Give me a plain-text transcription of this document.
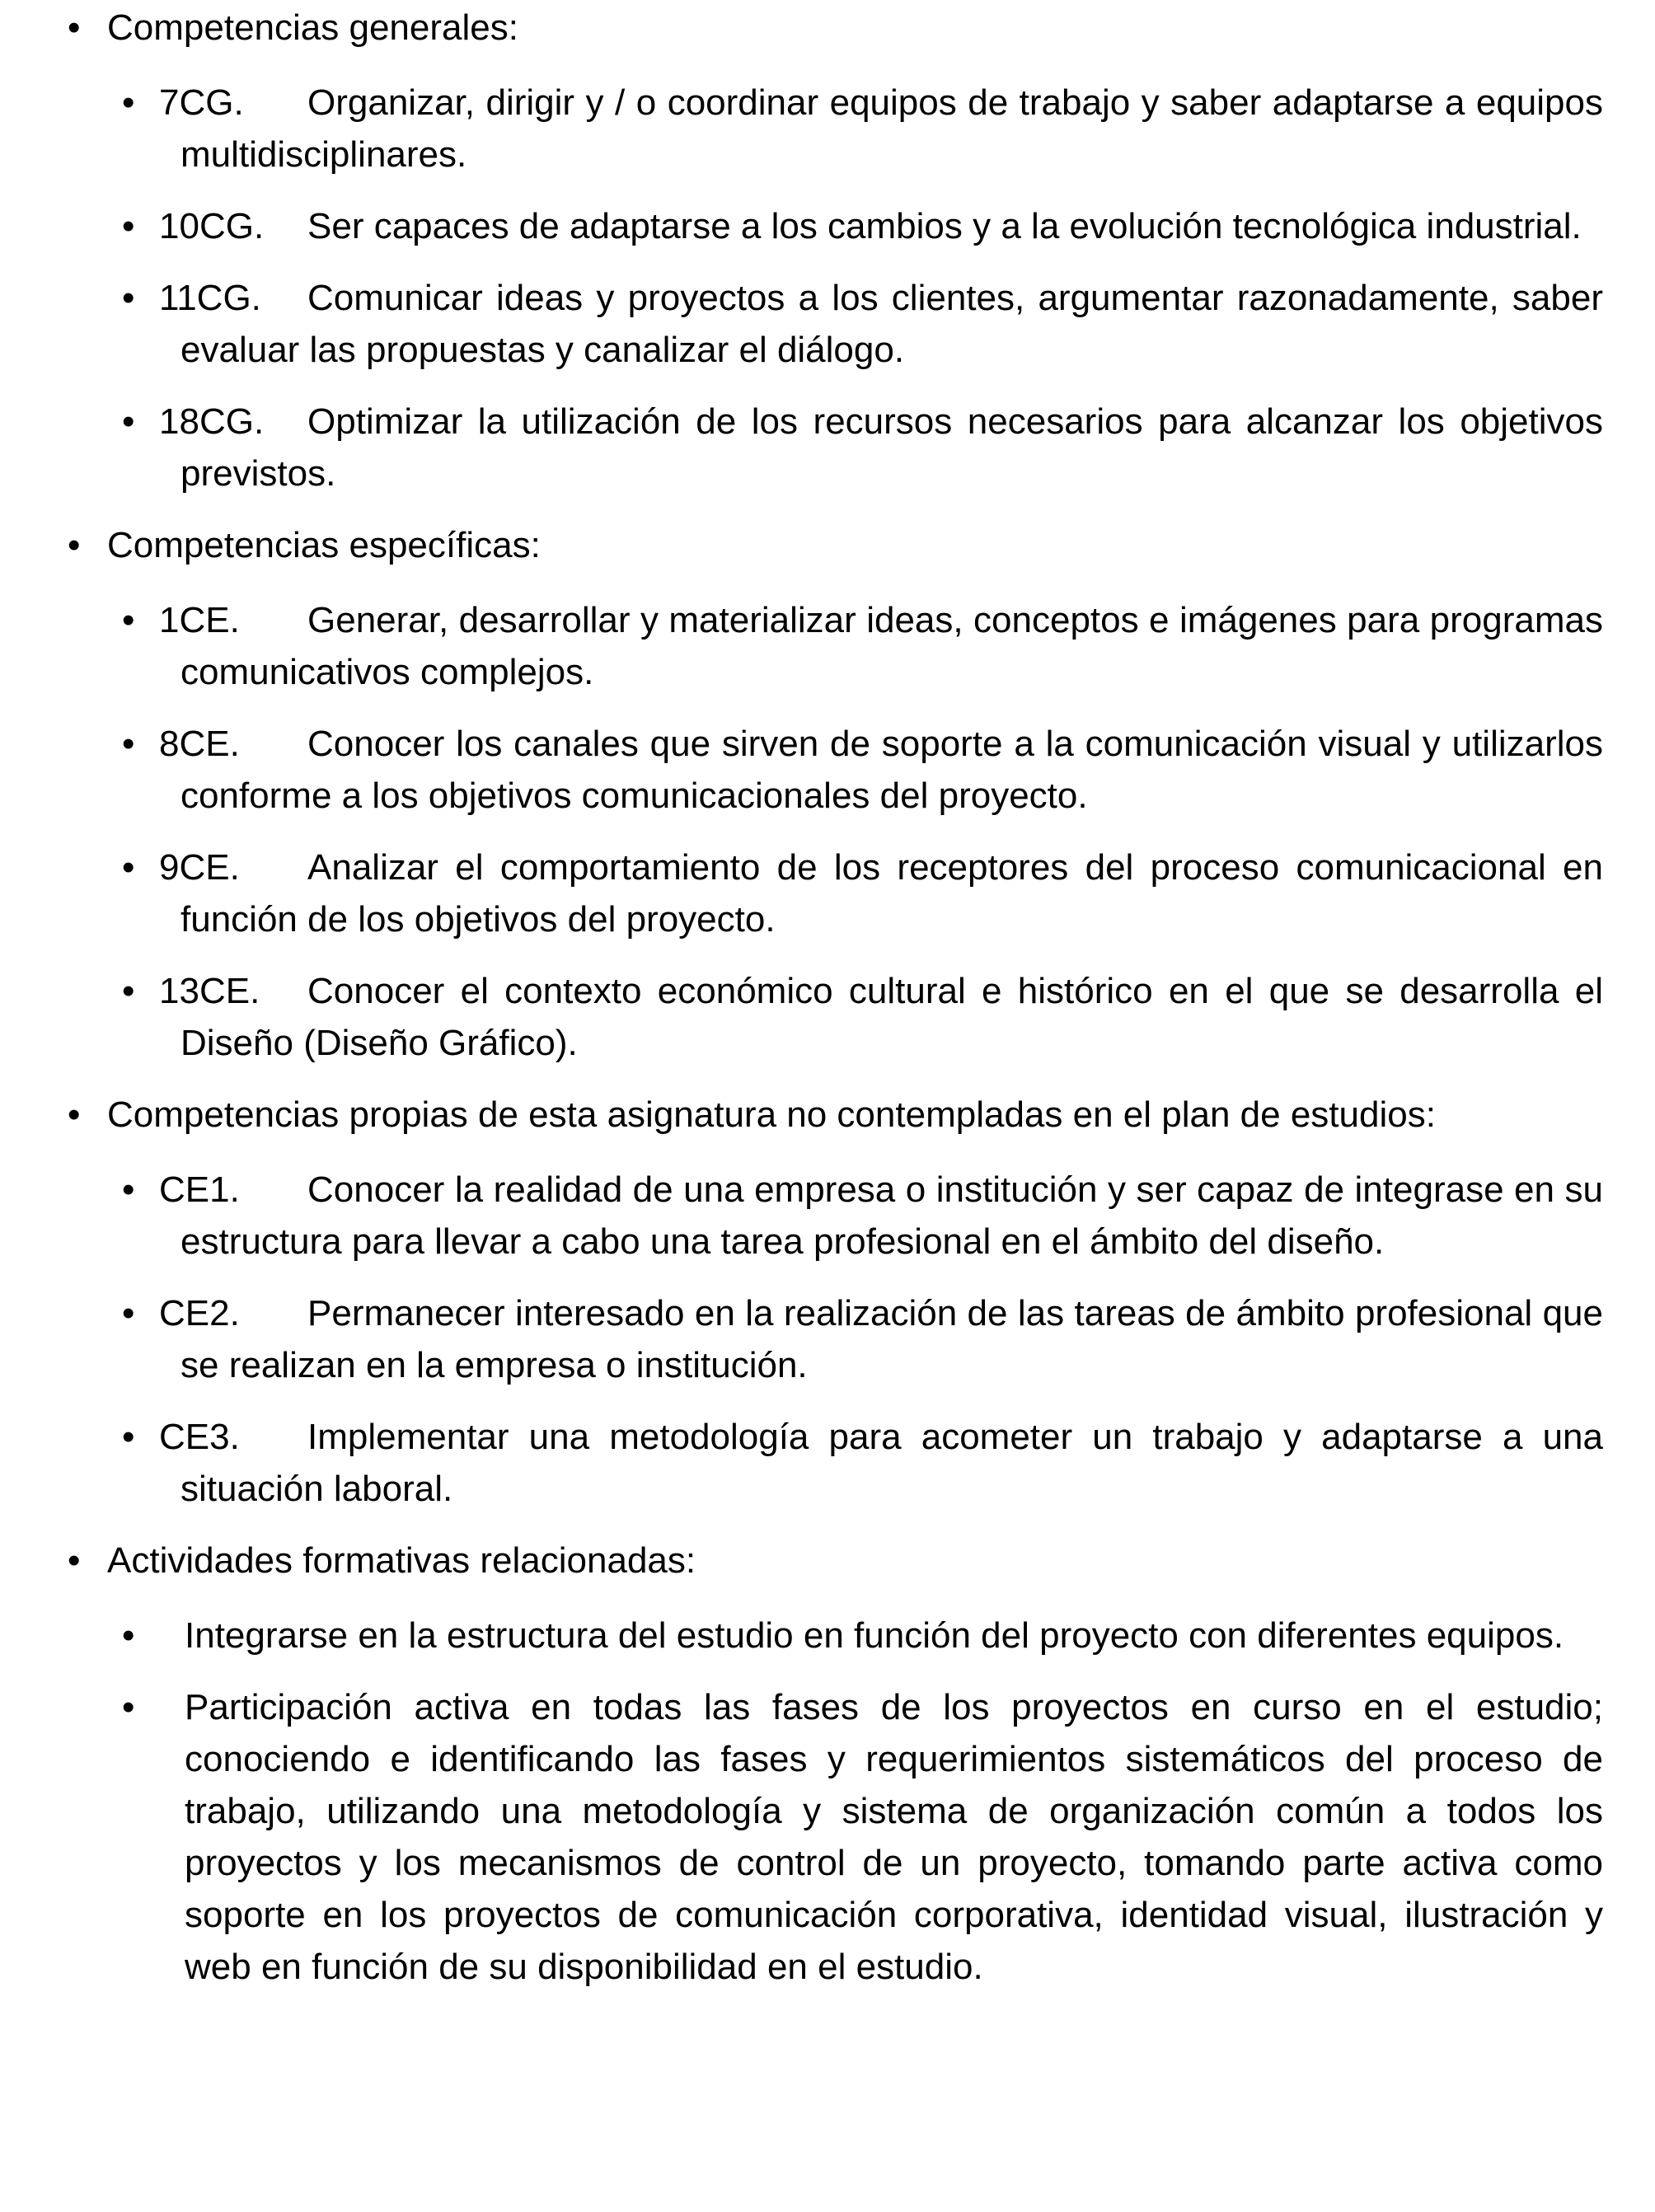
• Competencias generales:
• 7CG. Organizar, dirigir y / o coordinar equipos de trabajo y saber adaptarse a equipos multidisciplinares.
• 10CG. Ser capaces de adaptarse a los cambios y a la evolución tecnológica industrial.
• 11CG. Comunicar ideas y proyectos a los clientes, argumentar razonadamente, saber evaluar las propuestas y canalizar el diálogo.
• 18CG. Optimizar la utilización de los recursos necesarios para alcanzar los objetivos previstos.
• Competencias específicas:
• 1CE. Generar, desarrollar y materializar ideas, conceptos e imágenes para programas comunicativos complejos.
• 8CE. Conocer los canales que sirven de soporte a la comunicación visual y utilizarlos conforme a los objetivos comunicacionales del proyecto.
• 9CE. Analizar el comportamiento de los receptores del proceso comunicacional en función de los objetivos del proyecto.
• 13CE. Conocer el contexto económico cultural e histórico en el que se desarrolla el Diseño (Diseño Gráfico).
• Competencias propias de esta asignatura no contempladas en el plan de estudios:
• CE1. Conocer la realidad de una empresa o institución y ser capaz de integrase en su estructura para llevar a cabo una tarea profesional en el ámbito del diseño.
• CE2. Permanecer interesado en la realización de las tareas de ámbito profesional que se realizan en la empresa o institución.
• CE3. Implementar una metodología para acometer un trabajo y adaptarse a una situación laboral.
• Actividades formativas relacionadas:
• Integrarse en la estructura del estudio en función del proyecto con diferentes equipos.
• Participación activa en todas las fases de los proyectos en curso en el estudio; conociendo e identificando las fases y requerimientos sistemáticos del proceso de trabajo, utilizando una metodología y sistema de organización común a todos los proyectos y los mecanismos de control de un proyecto, tomando parte activa como soporte en los proyectos de comunicación corporativa, identidad visual, ilustración y web en función de su disponibilidad en el estudio.
